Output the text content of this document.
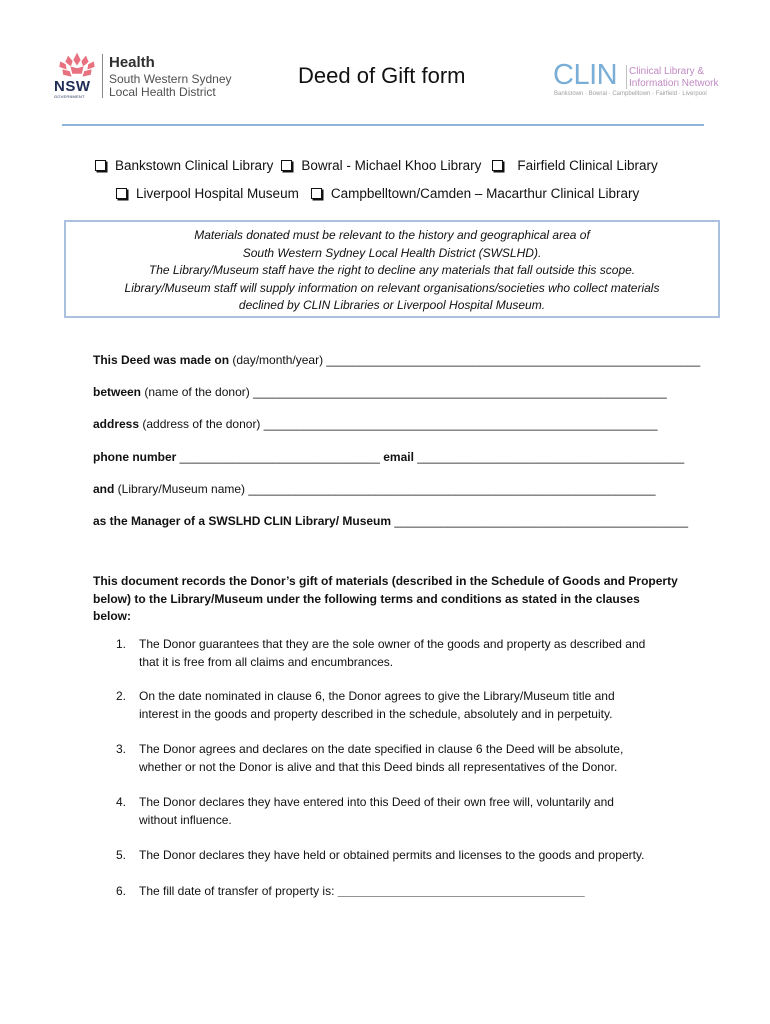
NSW
GOVERNMENT
Health
South Western Sydney
Local Health District
Deed of Gift form	CLIN Clinical Library &
Information Network
Bankstown · Bowral · Campbelltown · Fairfield · Liverpool
Bankstown Clinical Library Bowral - Michael Khoo Library	Fairfield Clinical Library
Liverpool Hospital Museum Campbelltown/Camden – Macarthur Clinical Library
Materials donated must be relevant to the history and geographical area of
South Western Sydney Local Health District (SWSLHD).
The Library/Museum staff have the right to decline any materials that fall outside this scope.
Library/Museum staff will supply information on relevant organisations/societies who collect materials
declined by CLIN Libraries or Liverpool Hospital Museum.
This Deed was made on (day/month/year) ________________________________________________________
between (name of the donor) ______________________________________________________________
address (address of the donor) ___________________________________________________________
phone number ______________________________ email ________________________________________
and (Library/Museum name) _____________________________________________________________
as the Manager of a SWSLHD CLIN Library/ Museum ____________________________________________
This document records the Donor’s gift of materials (described in the Schedule of Goods and Property
below) to the Library/Museum under the following terms and conditions as stated in the clauses
below:
1.	The Donor guarantees that they are the sole owner of the goods and property as described and
that it is free from all claims and encumbrances.
2.	On the date nominated in clause 6, the Donor agrees to give the Library/Museum title and
interest in the goods and property described in the schedule, absolutely and in perpetuity.
3.	The Donor agrees and declares on the date specified in clause 6 the Deed will be absolute,
whether or not the Donor is alive and that this Deed binds all representatives of the Donor.
4.	The Donor declares they have entered into this Deed of their own free will, voluntarily and
without influence.
5.	The Donor declares they have held or obtained permits and licenses to the goods and property.
6.	The fill date of transfer of property is: _____________________________________
